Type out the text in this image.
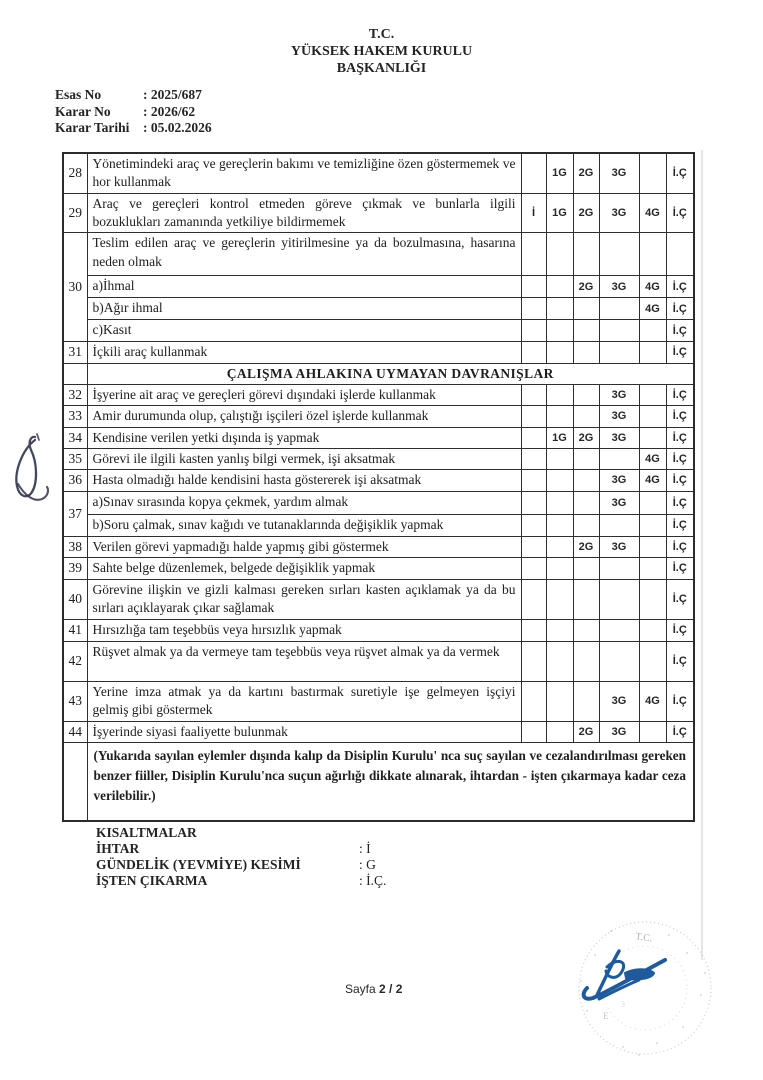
T.C.
YÜKSEK HAKEM KURULU
BAŞKANLIĞI
Esas No	: 2025/687
Karar No	: 2026/62
Karar Tarihi	: 05.02.2026
28	Yönetimindeki araç ve gereçlerin bakımı ve temizliğine özen göstermemek ve hor kullanmak		1G	2G	3G		İ.Ç
29	Araç ve gereçleri kontrol etmeden göreve çıkmak ve bunlarla ilgili bozuklukları zamanında yetkiliye bildirmemek	İ	1G	2G	3G	4G	İ.Ç
30	Teslim edilen araç ve gereçlerin yitirilmesine ya da bozulmasına, hasarına neden olmak						
	a)İhmal			2G	3G	4G	İ.Ç
	b)Ağır ihmal					4G	İ.Ç
	c)Kasıt						İ.Ç
31	İçkili araç kullanmak						İ.Ç
	ÇALIŞMA AHLAKINA UYMAYAN DAVRANIŞLAR						
32	İşyerine ait araç ve gereçleri görevi dışındaki işlerde kullanmak				3G		İ.Ç
33	Amir durumunda olup, çalıştığı işçileri özel işlerde kullanmak				3G		İ.Ç
34	Kendisine verilen yetki dışında iş yapmak		1G	2G	3G		İ.Ç
35	Görevi ile ilgili kasten yanlış bilgi vermek, işi aksatmak					4G	İ.Ç
36	Hasta olmadığı halde kendisini hasta göstererek işi aksatmak				3G	4G	İ.Ç
37	a)Sınav sırasında kopya çekmek, yardım almak				3G		İ.Ç
	b)Soru çalmak, sınav kağıdı ve tutanaklarında değişiklik yapmak						İ.Ç
38	Verilen görevi yapmadığı halde yapmış gibi göstermek			2G	3G		İ.Ç
39	Sahte belge düzenlemek, belgede değişiklik yapmak						İ.Ç
40	Görevine ilişkin ve gizli kalması gereken sırları kasten açıklamak ya da bu sırları açıklayarak çıkar sağlamak						İ.Ç
41	Hırsızlığa tam teşebbüs veya hırsızlık yapmak						İ.Ç
42	Rüşvet almak ya da vermeye tam teşebbüs veya rüşvet almak ya da vermek						İ.Ç
43	Yerine imza atmak ya da kartını bastırmak suretiyle işe gelmeyen işçiyi gelmiş gibi göstermek				3G	4G	İ.Ç
44	İşyerinde siyasi faaliyette bulunmak			2G	3G		İ.Ç
	(Yukarıda sayılan eylemler dışında kalıp da Disiplin Kurulu' nca suç sayılan ve cezalandırılması gereken benzer fiiller, Disiplin Kurulu'nca suçun ağırlığı dikkate alınarak, ihtardan - işten çıkarmaya kadar ceza verilebilir.)						
KISALTMALAR
İHTAR	: İ
GÜNDELİK (YEVMİYE) KESİMİ	: G
İŞTEN ÇIKARMA	: İ.Ç.
Sayfa 2 / 2
T.C.
E
3
